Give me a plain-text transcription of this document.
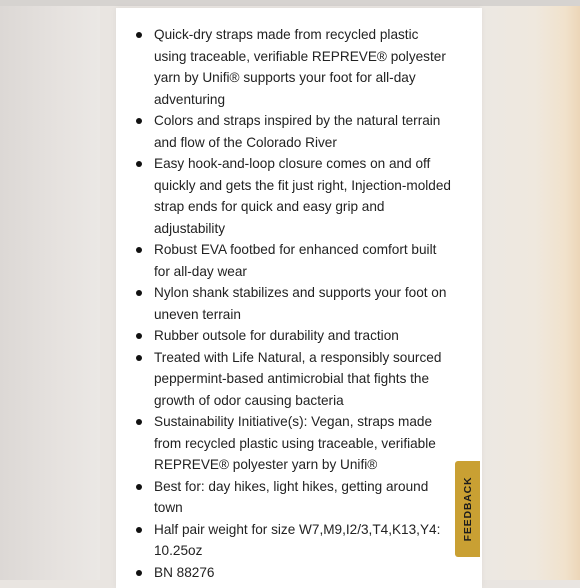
Quick-dry straps made from recycled plastic using traceable, verifiable REPREVE® polyester yarn by Unifi® supports your foot for all-day adventuring
Colors and straps inspired by the natural terrain and flow of the Colorado River
Easy hook-and-loop closure comes on and off quickly and gets the fit just right, Injection-molded strap ends for quick and easy grip and adjustability
Robust EVA footbed for enhanced comfort built for all-day wear
Nylon shank stabilizes and supports your foot on uneven terrain
Rubber outsole for durability and traction
Treated with Life Natural, a responsibly sourced peppermint-based antimicrobial that fights the growth of odor causing bacteria
Sustainability Initiative(s): Vegan, straps made from recycled plastic using traceable, verifiable REPREVE® polyester yarn by Unifi®
Best for: day hikes, light hikes, getting around town
Half pair weight for size W7,M9,I2/3,T4,K13,Y4: 10.25oz
BN 88276
FEEDBACK
